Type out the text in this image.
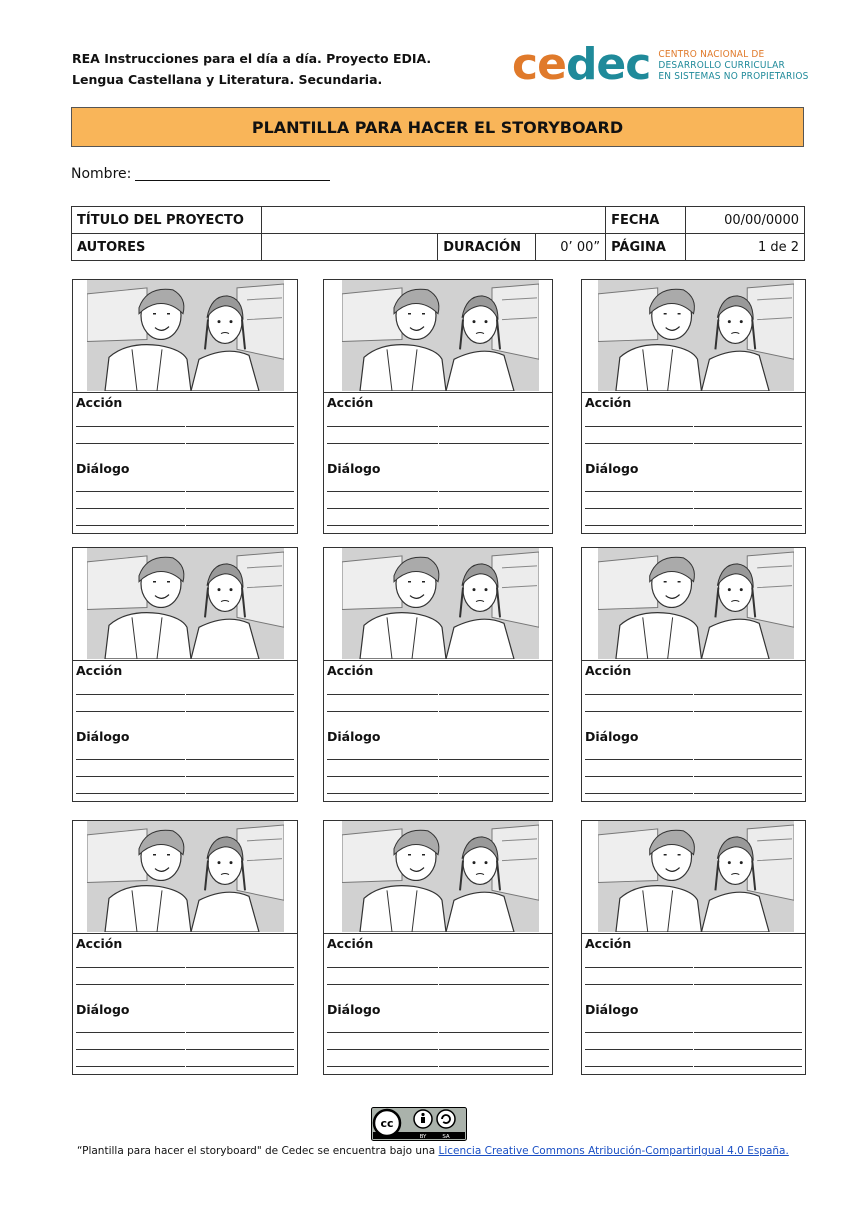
REA Instrucciones para el día a día. Proyecto EDIA.
Lengua Castellana y Literatura. Secundaria.	cedec CENTRO NACIONAL DE
DESARROLLO CURRICULAR
EN SISTEMAS NO PROPIETARIOS
PLANTILLA PARA HACER EL STORYBOARD
Nombre:
TÍTULO DEL PROYECTO				FECHA	00/00/0000
AUTORES		DURACIÓN	0’ 00”	PÁGINA	1 de 2
Acción
Diálogo
Acción
Diálogo
Acción
Diálogo
Acción
Diálogo
Acción
Diálogo
Acción
Diálogo
Acción
Diálogo
Acción
Diálogo
Acción
Diálogo
cc
BY	SA
“Plantilla para hacer el storyboard" de Cedec se encuentra bajo una Licencia Creative Commons Atribución-CompartirIgual 4.0 España.
